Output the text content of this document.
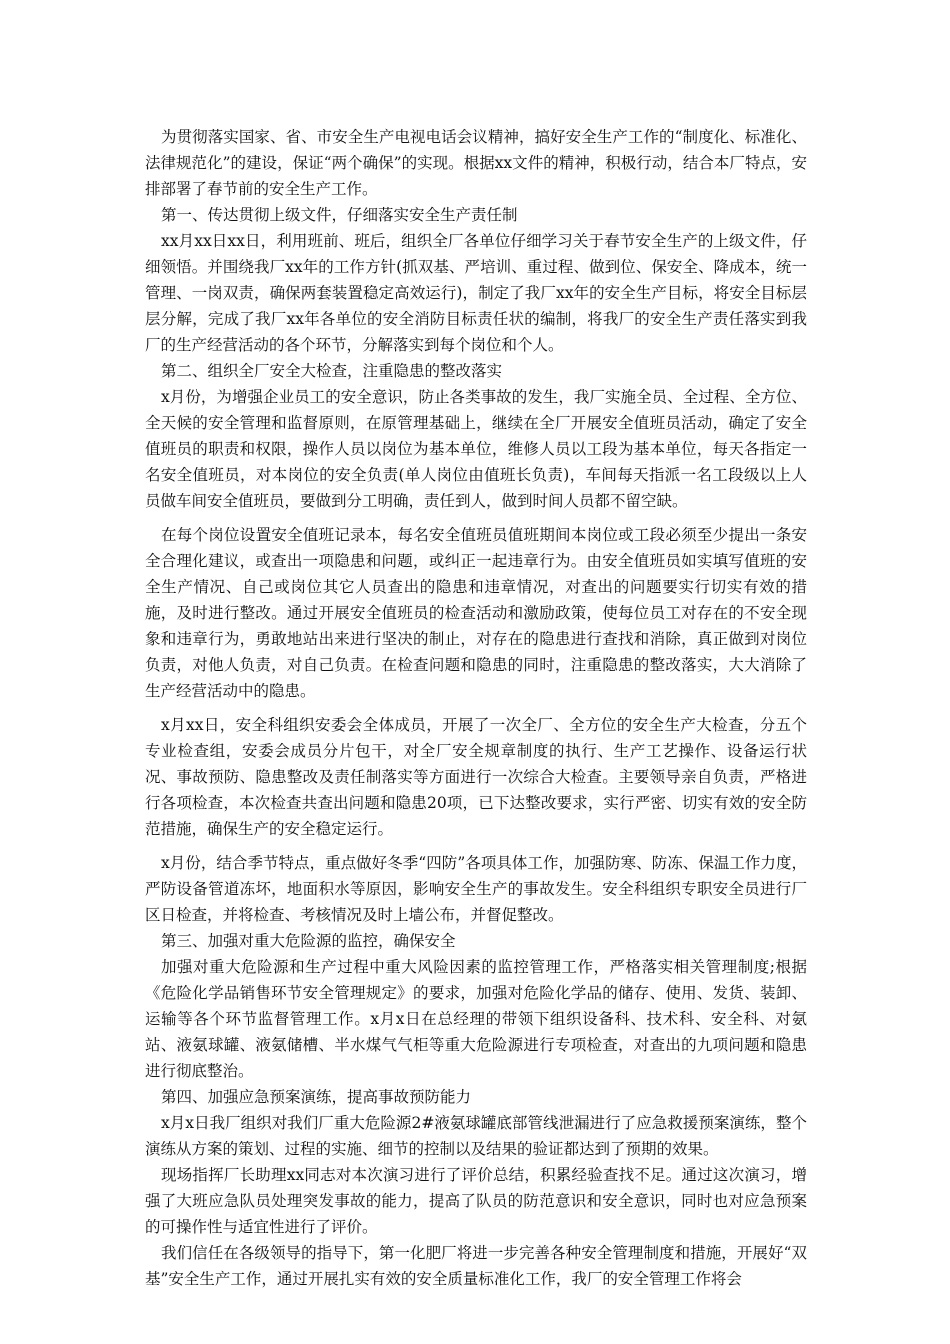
为贯彻落实国家、省、市安全生产电视电话会议精神，搞好安全生产工作的“制度化、标准化、法律规范化”的建设，保证“两个确保”的实现。根据xx文件的精神，积极行动，结合本厂特点，安排部署了春节前的安全生产工作。

第一、传达贯彻上级文件，仔细落实安全生产责任制

xx月xx日xx日，利用班前、班后，组织全厂各单位仔细学习关于春节安全生产的上级文件，仔细领悟。并围绕我厂xx年的工作方针(抓双基、严培训、重过程、做到位、保安全、降成本，统一管理、一岗双责，确保两套装置稳定高效运行)，制定了我厂xx年的安全生产目标，将安全目标层层分解，完成了我厂xx年各单位的安全消防目标责任状的编制，将我厂的安全生产责任落实到我厂的生产经营活动的各个环节，分解落实到每个岗位和个人。

第二、组织全厂安全大检查，注重隐患的整改落实

x月份，为增强企业员工的安全意识，防止各类事故的发生，我厂实施全员、全过程、全方位、全天候的安全管理和监督原则，在原管理基础上，继续在全厂开展安全值班员活动，确定了安全值班员的职责和权限，操作人员以岗位为基本单位，维修人员以工段为基本单位，每天各指定一名安全值班员，对本岗位的安全负责(单人岗位由值班长负责)，车间每天指派一名工段级以上人员做车间安全值班员，要做到分工明确，责任到人，做到时间人员都不留空缺。

在每个岗位设置安全值班记录本，每名安全值班员值班期间本岗位或工段必须至少提出一条安全合理化建议，或查出一项隐患和问题，或纠正一起违章行为。由安全值班员如实填写值班的安全生产情况、自己或岗位其它人员查出的隐患和违章情况，对查出的问题要实行切实有效的措施，及时进行整改。通过开展安全值班员的检查活动和激励政策，使每位员工对存在的不安全现象和违章行为，勇敢地站出来进行坚决的制止，对存在的隐患进行查找和消除，真正做到对岗位负责，对他人负责，对自己负责。在检查问题和隐患的同时，注重隐患的整改落实，大大消除了生产经营活动中的隐患。

x月xx日，安全科组织安委会全体成员，开展了一次全厂、全方位的安全生产大检查，分五个专业检查组，安委会成员分片包干，对全厂安全规章制度的执行、生产工艺操作、设备运行状况、事故预防、隐患整改及责任制落实等方面进行一次综合大检查。主要领导亲自负责，严格进行各项检查，本次检查共查出问题和隐患20项，已下达整改要求，实行严密、切实有效的安全防范措施，确保生产的安全稳定运行。

x月份，结合季节特点，重点做好冬季“四防”各项具体工作，加强防寒、防冻、保温工作力度，严防设备管道冻坏，地面积水等原因，影响安全生产的事故发生。安全科组织专职安全员进行厂区日检查，并将检查、考核情况及时上墙公布，并督促整改。

第三、加强对重大危险源的监控，确保安全

加强对重大危险源和生产过程中重大风险因素的监控管理工作，严格落实相关管理制度;根据《危险化学品销售环节安全管理规定》的要求，加强对危险化学品的储存、使用、发货、装卸、运输等各个环节监督管理工作。x月x日在总经理的带领下组织设备科、技术科、安全科、对氨站、液氨球罐、液氨储槽、半水煤气气柜等重大危险源进行专项检查，对查出的九项问题和隐患进行彻底整治。

第四、加强应急预案演练，提高事故预防能力

x月x日我厂组织对我们厂重大危险源2#液氨球罐底部管线泄漏进行了应急救援预案演练，整个演练从方案的策划、过程的实施、细节的控制以及结果的验证都达到了预期的效果。

现场指挥厂长助理xx同志对本次演习进行了评价总结，积累经验查找不足。通过这次演习，增强了大班应急队员处理突发事故的能力，提高了队员的防范意识和安全意识，同时也对应急预案的可操作性与适宜性进行了评价。

我们信任在各级领导的指导下，第一化肥厂将进一步完善各种安全管理制度和措施，开展好“双基”安全生产工作，通过开展扎实有效的安全质量标准化工作，我厂的安全管理工作将会
